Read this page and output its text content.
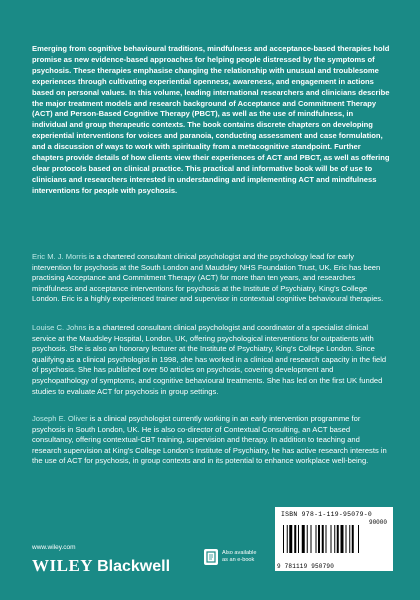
Emerging from cognitive behavioural traditions, mindfulness and acceptance-based therapies hold promise as new evidence-based approaches for helping people distressed by the symptoms of psychosis. These therapies emphasise changing the relationship with unusual and troublesome experiences through cultivating experiential openness, awareness, and engagement in actions based on personal values. In this volume, leading international researchers and clinicians describe the major treatment models and research background of Acceptance and Commitment Therapy (ACT) and Person-Based Cognitive Therapy (PBCT), as well as the use of mindfulness, in individual and group therapeutic contexts. The book contains discrete chapters on developing experiential interventions for voices and paranoia, conducting assessment and case formulation, and a discussion of ways to work with spirituality from a metacognitive standpoint. Further chapters provide details of how clients view their experiences of ACT and PBCT, as well as offering clear protocols based on clinical practice. This practical and informative book will be of use to clinicians and researchers interested in understanding and implementing ACT and mindfulness interventions for people with psychosis.

Eric M. J. Morris is a chartered consultant clinical psychologist and the psychology lead for early intervention for psychosis at the South London and Maudsley NHS Foundation Trust, UK. Eric has been practising Acceptance and Commitment Therapy (ACT) for more than ten years, and researches mindfulness and acceptance interventions for psychosis at the Institute of Psychiatry, King's College London. Eric is a highly experienced trainer and supervisor in contextual cognitive behavioural therapies.

Louise C. Johns is a chartered consultant clinical psychologist and coordinator of a specialist clinical service at the Maudsley Hospital, London, UK, offering psychological interventions for outpatients with psychosis. She is also an honorary lecturer at the Institute of Psychiatry, King's College London. Since qualifying as a clinical psychologist in 1998, she has worked in a clinical and research capacity in the field of psychosis. She has published over 50 articles on psychosis, covering development and psychopathology of symptoms, and cognitive behavioural treatments. She has led on the first UK funded studies to evaluate ACT for psychosis in group settings.

Joseph E. Oliver is a clinical psychologist currently working in an early intervention programme for psychosis in South London, UK. He is also co-director of Contextual Consulting, an ACT based consultancy, offering contextual-CBT training, supervision and therapy. In addition to teaching and research supervision at King's College London's Institute of Psychiatry, he has active research interests in the use of ACT for psychosis, in group contexts and in its potential to enhance workplace well-being.

www.wiley.com
WILEY Blackwell
Also available as an e-book
ISBN 978-1-119-95079-0
90000
9 781119 950790
